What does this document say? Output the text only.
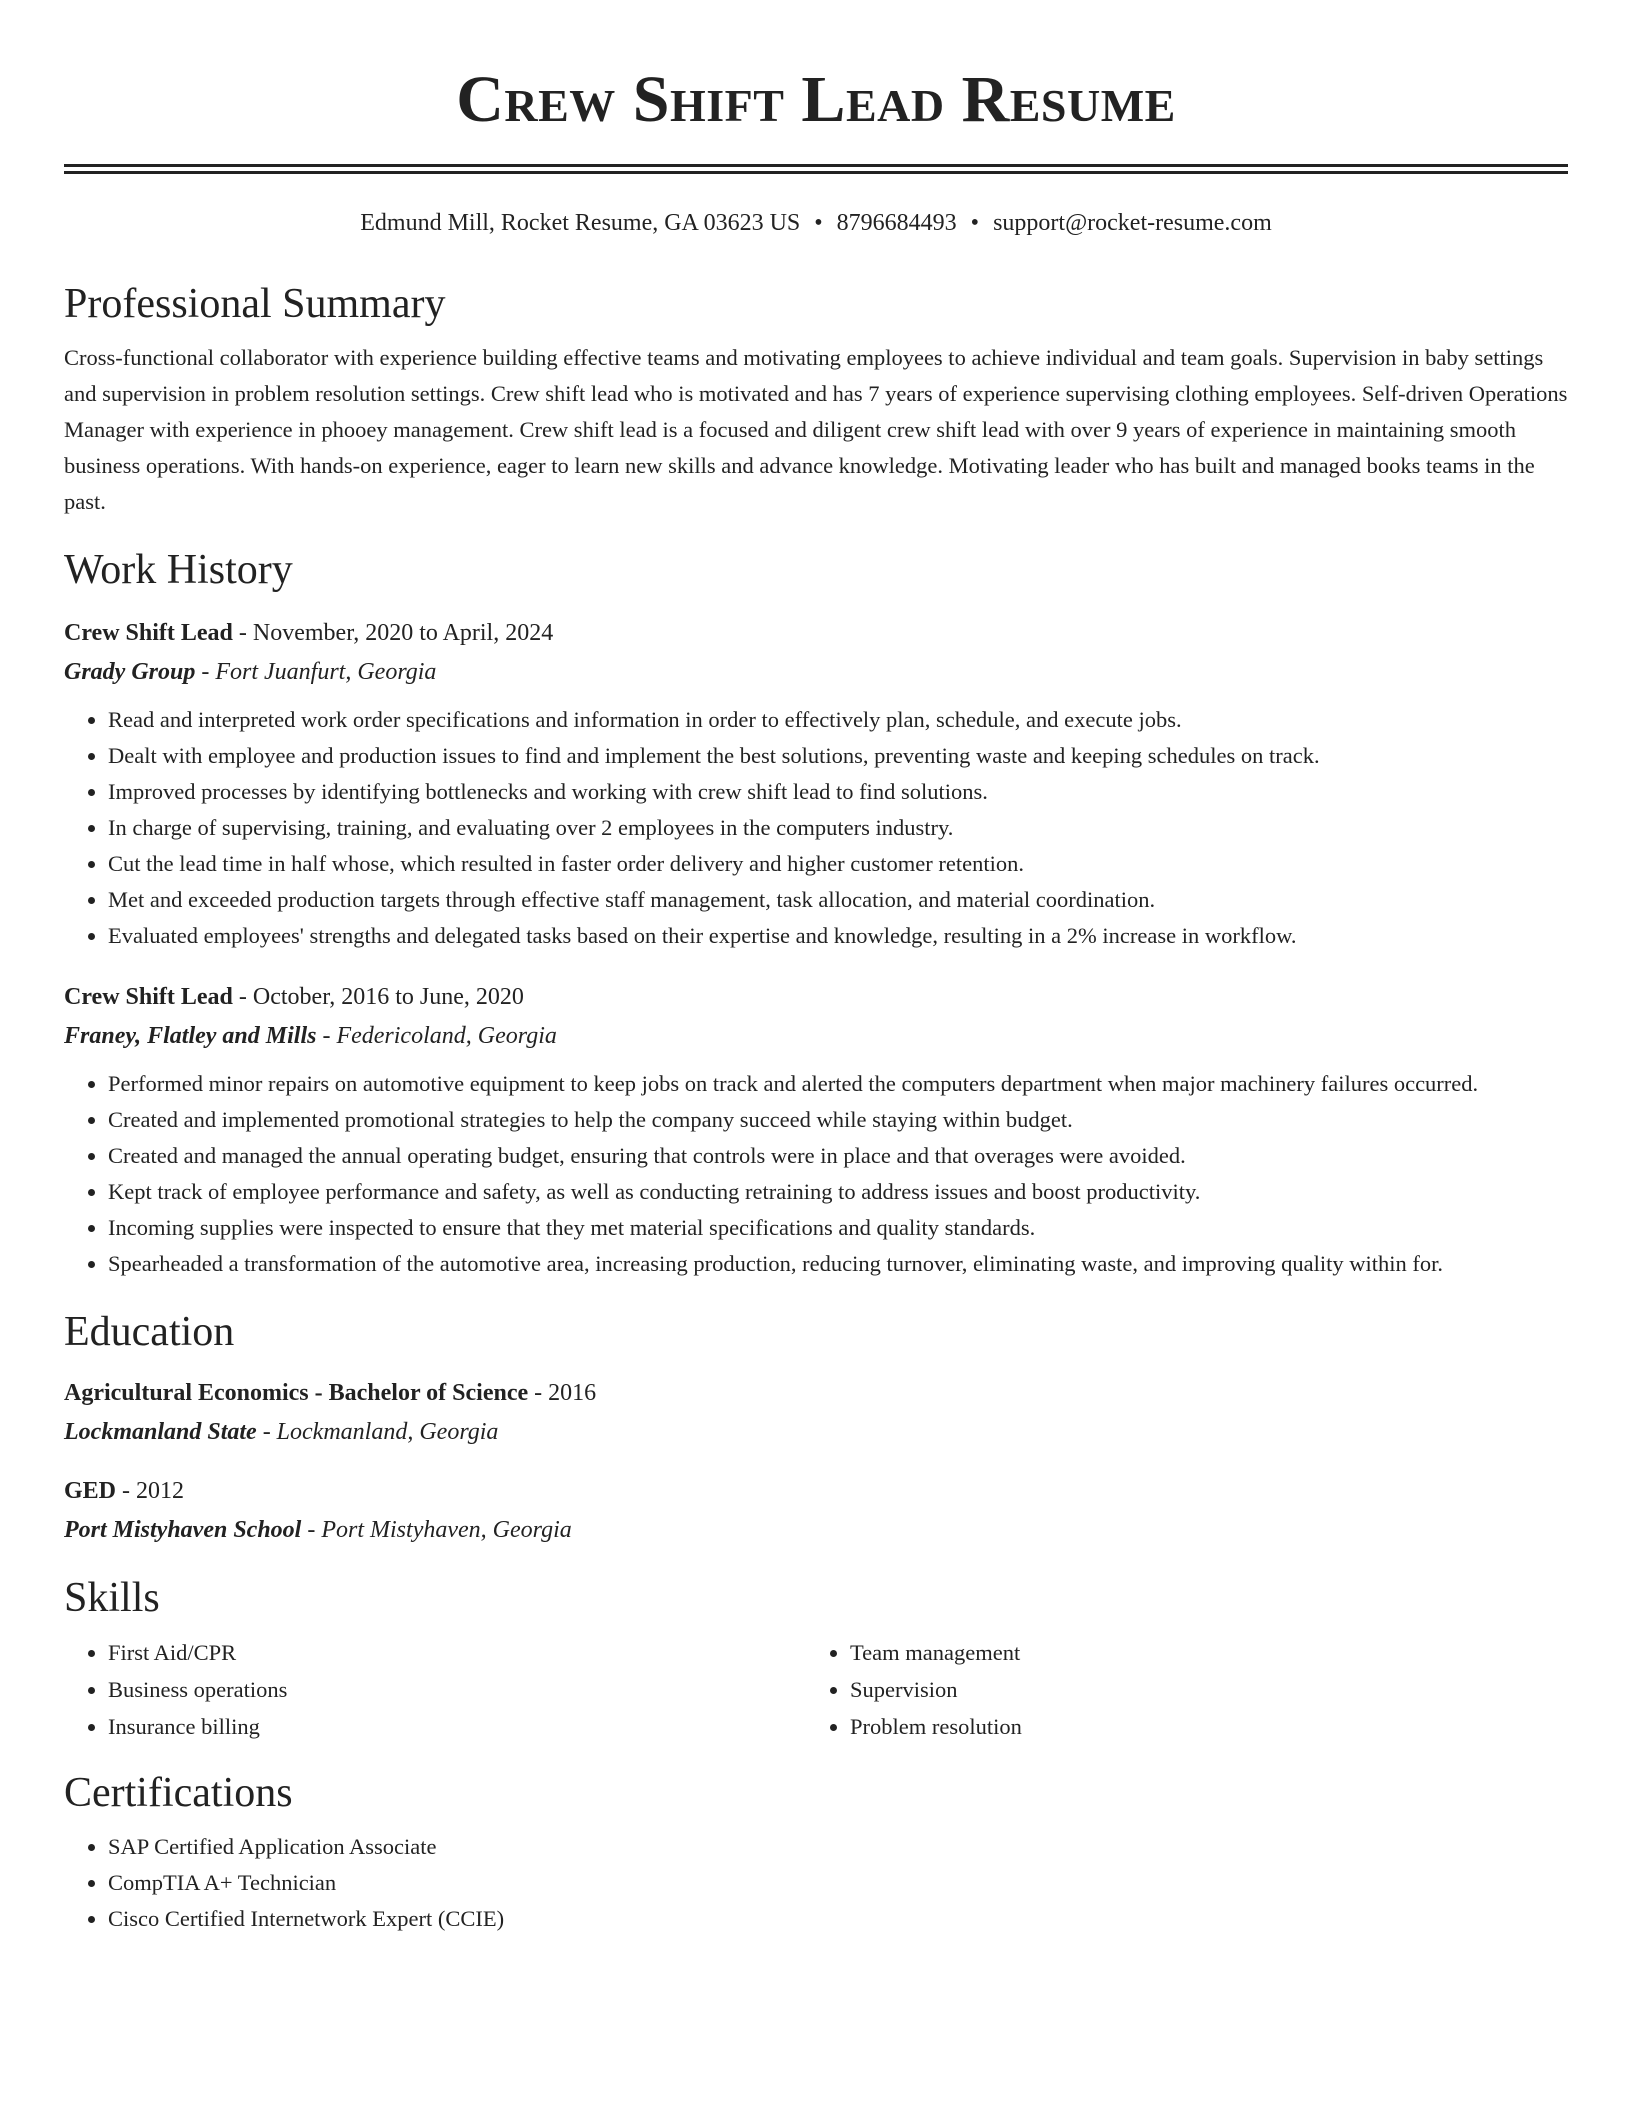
Crew Shift Lead Resume
Edmund Mill, Rocket Resume, GA 03623 US • 8796684493 • support@rocket-resume.com
Professional Summary
Cross-functional collaborator with experience building effective teams and motivating employees to achieve individual and team goals. Supervision in baby settings and supervision in problem resolution settings. Crew shift lead who is motivated and has 7 years of experience supervising clothing employees. Self-driven Operations Manager with experience in phooey management. Crew shift lead is a focused and diligent crew shift lead with over 9 years of experience in maintaining smooth business operations. With hands-on experience, eager to learn new skills and advance knowledge. Motivating leader who has built and managed books teams in the past.
Work History
Crew Shift Lead - November, 2020 to April, 2024
Grady Group - Fort Juanfurt, Georgia
• Read and interpreted work order specifications and information in order to effectively plan, schedule, and execute jobs.
• Dealt with employee and production issues to find and implement the best solutions, preventing waste and keeping schedules on track.
• Improved processes by identifying bottlenecks and working with crew shift lead to find solutions.
• In charge of supervising, training, and evaluating over 2 employees in the computers industry.
• Cut the lead time in half whose, which resulted in faster order delivery and higher customer retention.
• Met and exceeded production targets through effective staff management, task allocation, and material coordination.
• Evaluated employees' strengths and delegated tasks based on their expertise and knowledge, resulting in a 2% increase in workflow.
Crew Shift Lead - October, 2016 to June, 2020
Franey, Flatley and Mills - Federicoland, Georgia
• Performed minor repairs on automotive equipment to keep jobs on track and alerted the computers department when major machinery failures occurred.
• Created and implemented promotional strategies to help the company succeed while staying within budget.
• Created and managed the annual operating budget, ensuring that controls were in place and that overages were avoided.
• Kept track of employee performance and safety, as well as conducting retraining to address issues and boost productivity.
• Incoming supplies were inspected to ensure that they met material specifications and quality standards.
• Spearheaded a transformation of the automotive area, increasing production, reducing turnover, eliminating waste, and improving quality within for.
Education
Agricultural Economics - Bachelor of Science - 2016
Lockmanland State - Lockmanland, Georgia
GED - 2012
Port Mistyhaven School - Port Mistyhaven, Georgia
Skills
• First Aid/CPR
• Business operations
• Insurance billing
• Team management
• Supervision
• Problem resolution
Certifications
• SAP Certified Application Associate
• CompTIA A+ Technician
• Cisco Certified Internetwork Expert (CCIE)
